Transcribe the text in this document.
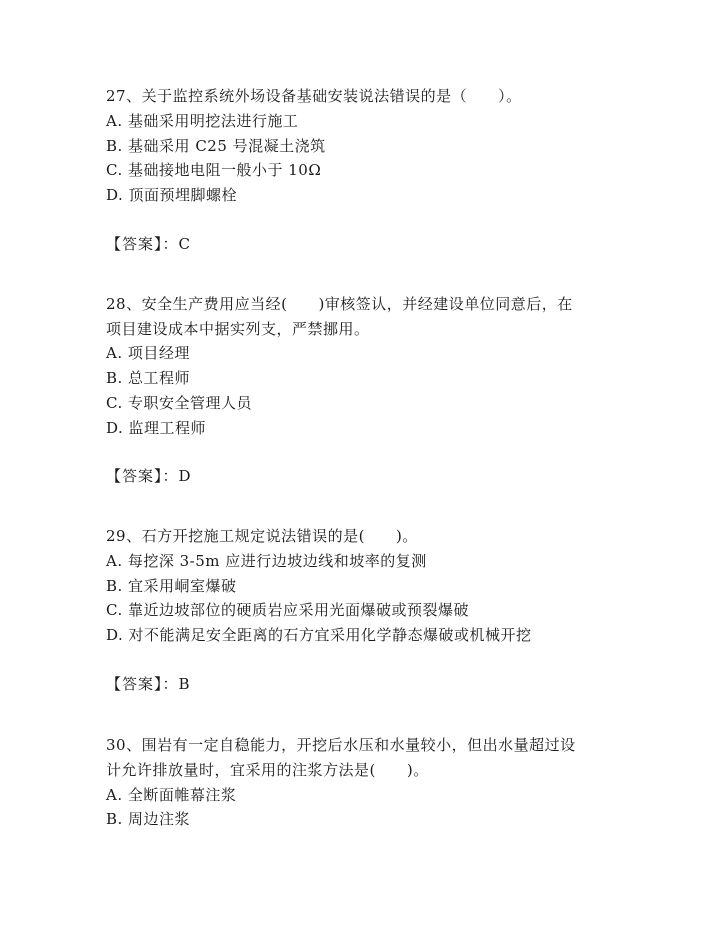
27、关于监控系统外场设备基础安装说法错误的是（　　）。
A. 基础采用明挖法进行施工
B. 基础采用 C25 号混凝土浇筑
C. 基础接地电阻一般小于 10Ω
D. 顶面预埋脚螺栓
【答案】：C
28、安全生产费用应当经(　　)审核签认，并经建设单位同意后，在
项目建设成本中据实列支，严禁挪用。
A. 项目经理
B. 总工程师
C. 专职安全管理人员
D. 监理工程师
【答案】：D
29、石方开挖施工规定说法错误的是(　　)。
A. 每挖深 3-5m 应进行边坡边线和坡率的复测
B. 宜采用峒室爆破
C. 靠近边坡部位的硬质岩应采用光面爆破或预裂爆破
D. 对不能满足安全距离的石方宜采用化学静态爆破或机械开挖
【答案】：B
30、围岩有一定自稳能力，开挖后水压和水量较小，但出水量超过设
计允许排放量时，宜采用的注浆方法是(　　)。
A. 全断面帷幕注浆
B. 周边注浆
